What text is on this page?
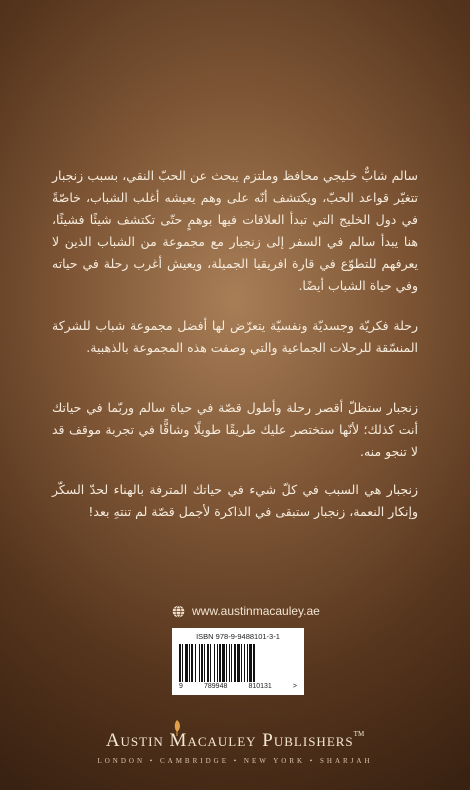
سالم شابٌّ خليجي محافظ وملتزم يبحث عن الحبّ النقي، بسبب زنجبار تتغيّر قواعد الحبّ، ويكتشف أنّه على وهم يعيشه أغلب الشباب، خاصّةً في دول الخليج التي تبدأ العلاقات فيها بوهمٍ حتّى تكتشف شيئًا فشيئًا، هنا يبدأ سالم في السفر إلى زنجبار مع مجموعة من الشباب الذين لا يعرفهم للتطوّع في قارة افريقيا الجميلة، ويعيش أغرب رحلة في حياته وفي حياة الشباب أيضًا.

رحلة فكريّة وجسديّة ونفسيّة يتعرّض لها أفضل مجموعة شباب للشركة المنسّقة للرحلات الجماعية والتي وصفت هذه المجموعة بالذهبية.

زنجبار ستظلّ أقصر رحلة وأطول قصّة في حياة سالم وربّما في حياتك أنت كذلك؛ لأنّها ستختصر عليك طريقًا طويلًا وشاقًّا في تجربة موقف قد لا تنجو منه.

زنجبار هي السبب في كلّ شيء في حياتك المترفة بالهناء لحدّ السكّر وإنكار النعمة، زنجبار ستبقى في الذاكرة لأجمل قصّة لم تنتهِ بعد!

www.austinmacauley.ae
ISBN 978-9-9488101-3-1
9	789948	810131	>
Austin Macauley Publishers™
LONDON • CAMBRIDGE • NEW YORK • SHARJAH
